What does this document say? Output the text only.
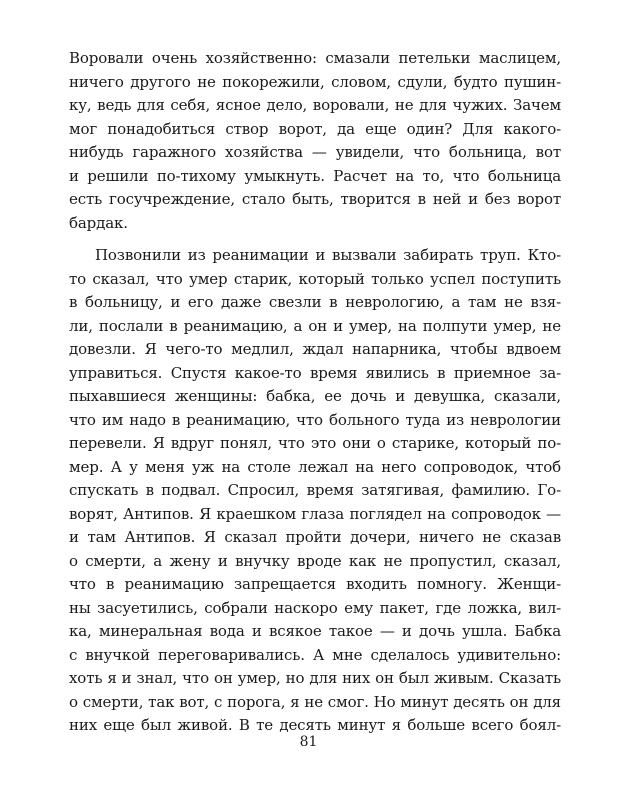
Воровали очень хозяйственно: смазали петельки маслицем,
ничего другого не покорежили, словом, сдули, будто пушин-
ку, ведь для себя, ясное дело, воровали, не для чужих. Зачем
мог понадобиться створ ворот, да еще один? Для какого-
нибудь гаражного хозяйства — увидели, что больница, вот
и решили по-тихому умыкнуть. Расчет на то, что больница
есть госучреждение, стало быть, творится в ней и без ворот
бардак.
Позвонили из реанимации и вызвали забирать труп. Кто-
то сказал, что умер старик, который только успел поступить
в больницу, и его даже свезли в неврологию, а там не взя-
ли, послали в реанимацию, а он и умер, на полпути умер, не
довезли. Я чего-то медлил, ждал напарника, чтобы вдвоем
управиться. Спустя какое-то время явились в приемное за-
пыхавшиеся женщины: бабка, ее дочь и девушка, сказали,
что им надо в реанимацию, что больного туда из неврологии
перевели. Я вдруг понял, что это они о старике, который по-
мер. А у меня уж на столе лежал на него сопроводок, чтоб
спускать в подвал. Спросил, время затягивая, фамилию. Го-
ворят, Антипов. Я краешком глаза поглядел на сопроводок —
и там Антипов. Я сказал пройти дочери, ничего не сказав
о смерти, а жену и внучку вроде как не пропустил, сказал,
что в реанимацию запрещается входить помногу. Женщи-
ны засуетились, собрали наскоро ему пакет, где ложка, вил-
ка, минеральная вода и всякое такое — и дочь ушла. Бабка
с внучкой переговаривались. А мне сделалось удивительно:
хоть я и знал, что он умер, но для них он был живым. Сказать
о смерти, так вот, с порога, я не смог. Но минут десять он для
них еще был живой. В те десять минут я больше всего боял-
81
